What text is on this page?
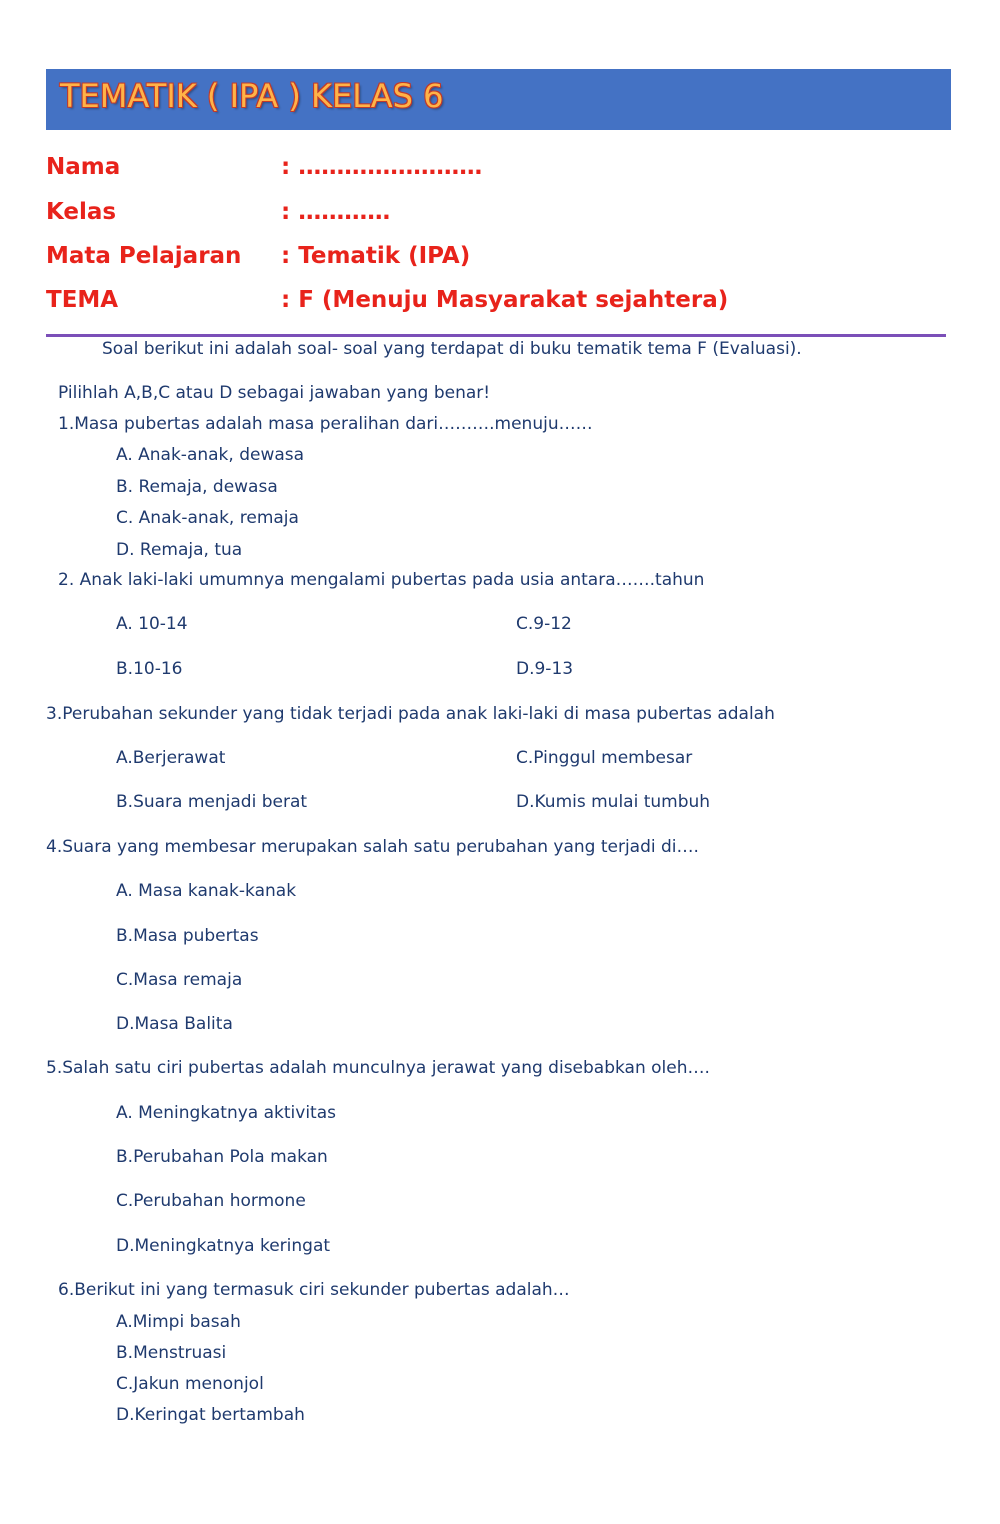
TEMATIK ( IPA ) KELAS 6
Nama	: ……………………
Kelas	: …………
Mata Pelajaran : Tematik (IPA)
TEMA	: F (Menuju Masyarakat sejahtera)
Soal berikut ini adalah soal- soal yang terdapat di buku tematik tema F (Evaluasi).
Pilihlah A,B,C atau D sebagai jawaban yang benar!
1.Masa pubertas adalah masa peralihan dari……….menuju……
A. Anak-anak, dewasa
B. Remaja, dewasa
C. Anak-anak, remaja
D. Remaja, tua
2. Anak laki-laki umumnya mengalami pubertas pada usia antara…….tahun
A. 10-14	C.9-12
B.10-16	D.9-13
3.Perubahan sekunder yang tidak terjadi pada anak laki-laki di masa pubertas adalah
A.Berjerawat	C.Pinggul membesar
B.Suara menjadi berat	D.Kumis mulai tumbuh
4.Suara yang membesar merupakan salah satu perubahan yang terjadi di….
A. Masa kanak-kanak
B.Masa pubertas
C.Masa remaja
D.Masa Balita
5.Salah satu ciri pubertas adalah munculnya jerawat yang disebabkan oleh….
A. Meningkatnya aktivitas
B.Perubahan Pola makan
C.Perubahan hormone
D.Meningkatnya keringat
6.Berikut ini yang termasuk ciri sekunder pubertas adalah…
A.Mimpi basah
B.Menstruasi
C.Jakun menonjol
D.Keringat bertambah
